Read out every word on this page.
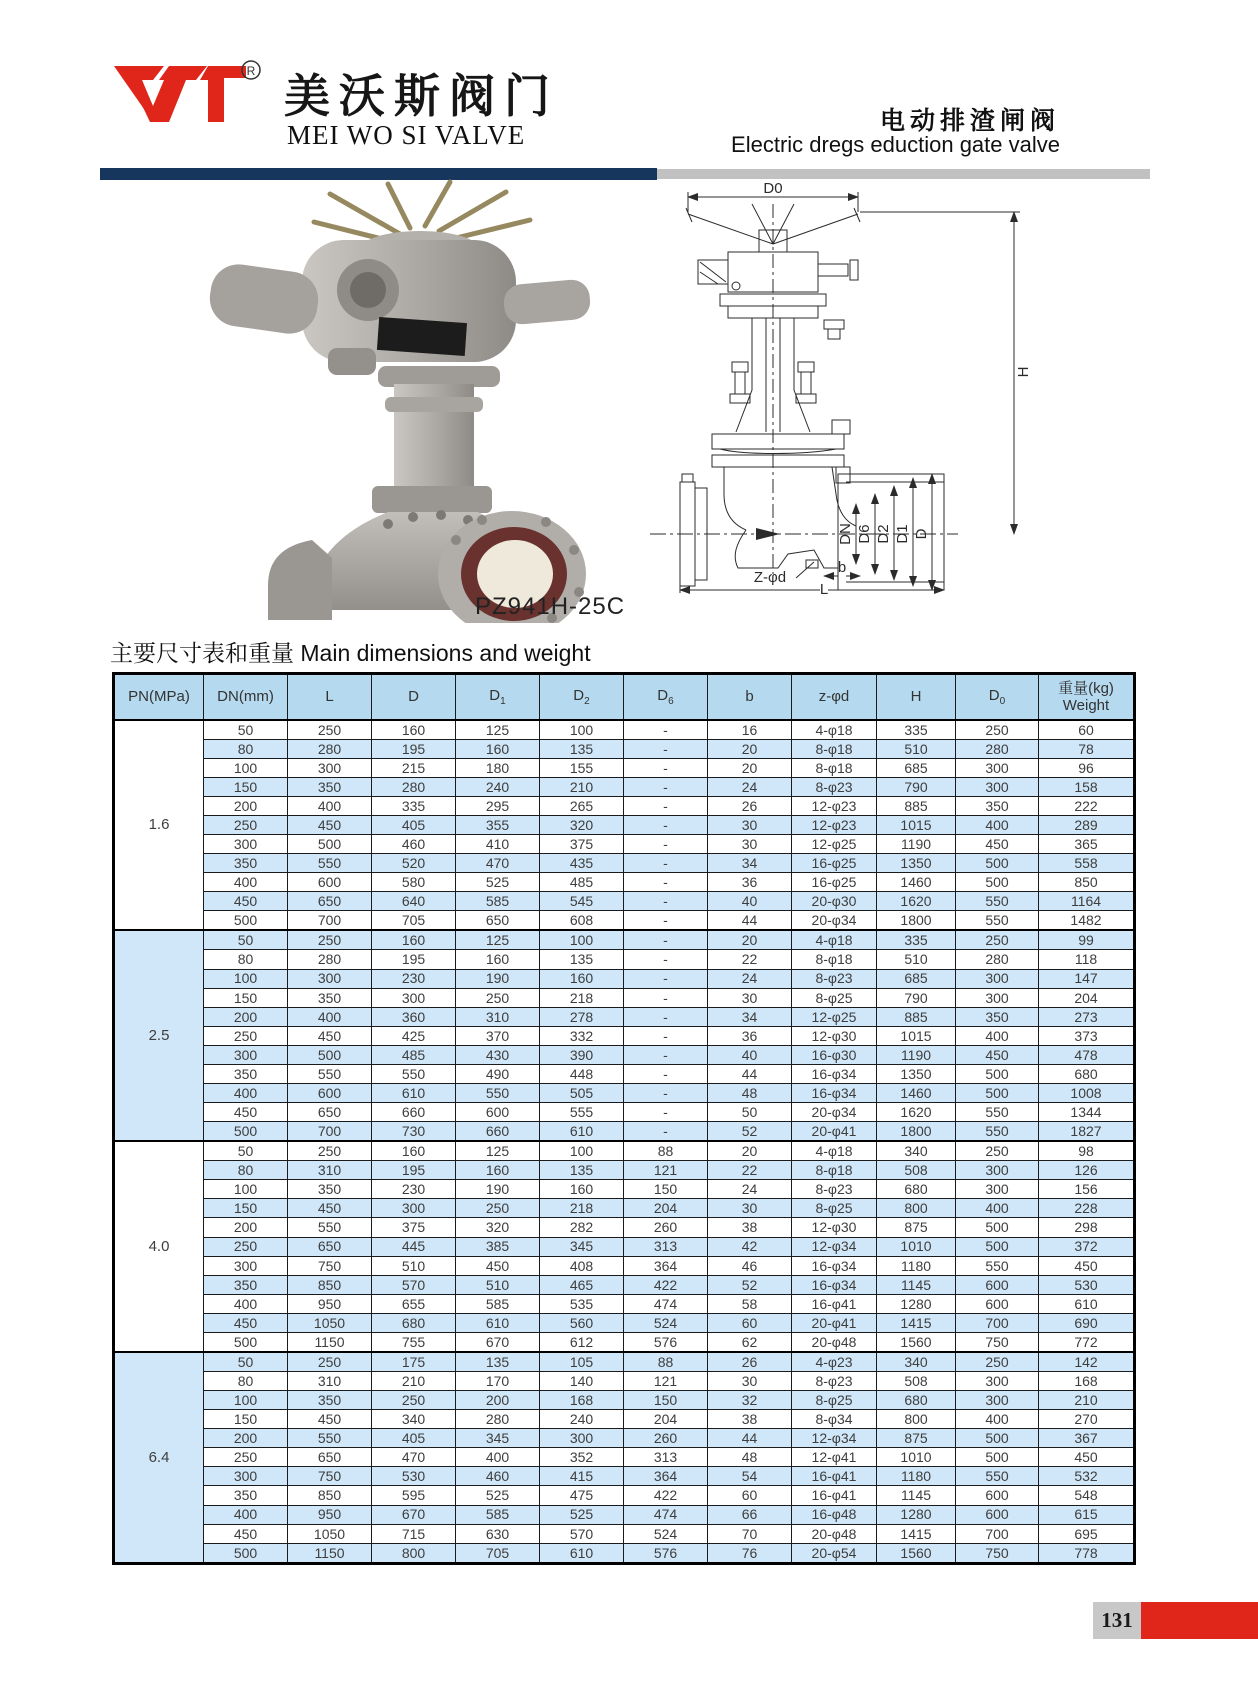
R 美沃斯阀门
MEI WO SI VALVE	电动排渣闸阀
Electric dregs eduction gate valve
D0
DN D6 D2 D1 D
H
Z-φd
b
L
PZ941H-25C
主要尺寸表和重量 Main dimensions and weight
PN(MPa)	DN(mm)	L	D	$D_1$	$D_2$	$D_6$	b	z-φd	H	$D_0$	重量(kg)
Weight
1.6	50	250	160	125	100	-	16	4-φ18	335	250	60
	80	280	195	160	135	-	20	8-φ18	510	280	78
	100	300	215	180	155	-	20	8-φ18	685	300	96
	150	350	280	240	210	-	24	8-φ23	790	300	158
	200	400	335	295	265	-	26	12-φ23	885	350	222
	250	450	405	355	320	-	30	12-φ23	1015	400	289
	300	500	460	410	375	-	30	12-φ25	1190	450	365
	350	550	520	470	435	-	34	16-φ25	1350	500	558
	400	600	580	525	485	-	36	16-φ25	1460	500	850
	450	650	640	585	545	-	40	20-φ30	1620	550	1164
	500	700	705	650	608	-	44	20-φ34	1800	550	1482
2.5	50	250	160	125	100	-	20	4-φ18	335	250	99
	80	280	195	160	135	-	22	8-φ18	510	280	118
	100	300	230	190	160	-	24	8-φ23	685	300	147
	150	350	300	250	218	-	30	8-φ25	790	300	204
	200	400	360	310	278	-	34	12-φ25	885	350	273
	250	450	425	370	332	-	36	12-φ30	1015	400	373
	300	500	485	430	390	-	40	16-φ30	1190	450	478
	350	550	550	490	448	-	44	16-φ34	1350	500	680
	400	600	610	550	505	-	48	16-φ34	1460	500	1008
	450	650	660	600	555	-	50	20-φ34	1620	550	1344
	500	700	730	660	610	-	52	20-φ41	1800	550	1827
4.0	50	250	160	125	100	88	20	4-φ18	340	250	98
	80	310	195	160	135	121	22	8-φ18	508	300	126
	100	350	230	190	160	150	24	8-φ23	680	300	156
	150	450	300	250	218	204	30	8-φ25	800	400	228
	200	550	375	320	282	260	38	12-φ30	875	500	298
	250	650	445	385	345	313	42	12-φ34	1010	500	372
	300	750	510	450	408	364	46	16-φ34	1180	550	450
	350	850	570	510	465	422	52	16-φ34	1145	600	530
	400	950	655	585	535	474	58	16-φ41	1280	600	610
	450	1050	680	610	560	524	60	20-φ41	1415	700	690
	500	1150	755	670	612	576	62	20-φ48	1560	750	772
6.4	50	250	175	135	105	88	26	4-φ23	340	250	142
	80	310	210	170	140	121	30	8-φ23	508	300	168
	100	350	250	200	168	150	32	8-φ25	680	300	210
	150	450	340	280	240	204	38	8-φ34	800	400	270
	200	550	405	345	300	260	44	12-φ34	875	500	367
	250	650	470	400	352	313	48	12-φ41	1010	500	450
	300	750	530	460	415	364	54	16-φ41	1180	550	532
	350	850	595	525	475	422	60	16-φ41	1145	600	548
	400	950	670	585	525	474	66	16-φ48	1280	600	615
	450	1050	715	630	570	524	70	20-φ48	1415	700	695
	500	1150	800	705	610	576	76	20-φ54	1560	750	778
131
